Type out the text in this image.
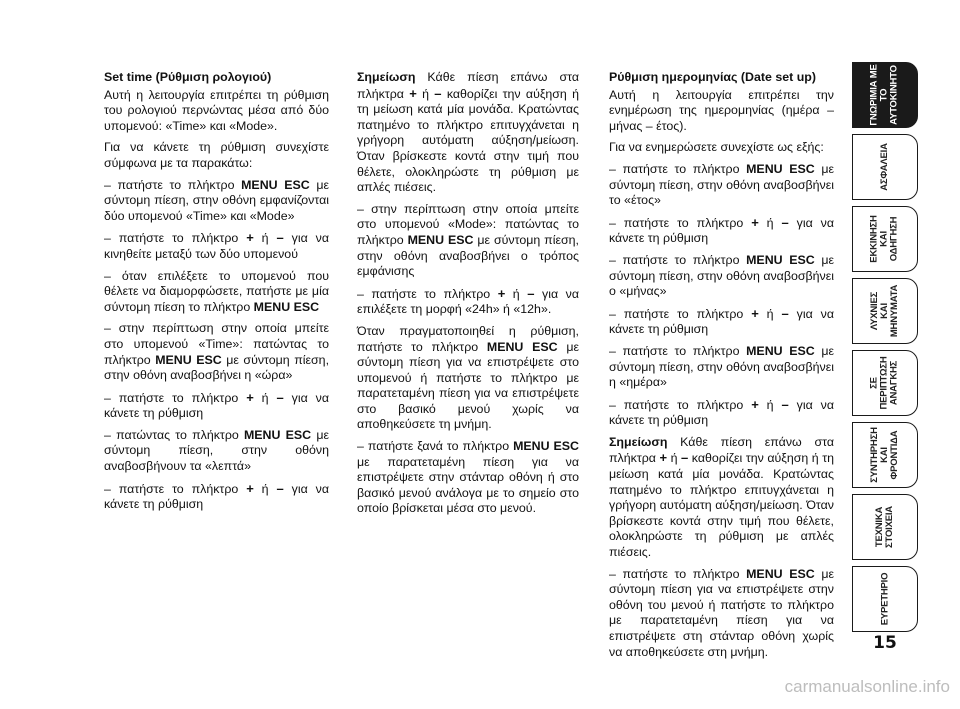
Set time (Ρύθμιση ρολογιού)

Αυτή η λειτουργία επιτρέπει τη ρύθμιση του ρολογιού περνώντας μέσα από δύο υπομενού: «Time» και «Mode».

Για να κάνετε τη ρύθμιση συνεχίστε σύμφωνα με τα παρακάτω:

– πατήστε το πλήκτρο MENU ESC με σύντομη πίεση, στην οθόνη εμφανίζονται δύο υπομενού «Time» και «Mode»

– πατήστε το πλήκτρο + ή – για να κινηθείτε μεταξύ των δύο υπομενού

– όταν επιλέξετε το υπομενού που θέλετε να διαμορφώσετε, πατήστε με μία σύντομη πίεση το πλήκτρο MENU ESC

– στην περίπτωση στην οποία μπείτε στο υπομενού «Time»: πατώντας το πλήκτρο MENU ESC με σύντομη πίεση, στην οθόνη αναβοσβήνει η «ώρα»

– πατήστε το πλήκτρο + ή – για να κάνετε τη ρύθμιση

– πατώντας το πλήκτρο MENU ESC με σύντομη πίεση, στην οθόνη αναβοσβήνουν τα «λεπτά»

– πατήστε το πλήκτρο + ή – για να κάνετε τη ρύθμιση

Σημείωση Κάθε πίεση επάνω στα πλήκτρα + ή – καθορίζει την αύξηση ή τη μείωση κατά μία μονάδα. Κρατώντας πατημένο το πλήκτρο επιτυγχάνεται η γρήγορη αυτόματη αύξηση/μείωση. Όταν βρίσκεστε κοντά στην τιμή που θέλετε, ολοκληρώστε τη ρύθμιση με απλές πιέσεις.

– στην περίπτωση στην οποία μπείτε στο υπομενού «Mode»: πατώντας το πλήκτρο MENU ESC με σύντομη πίεση, στην οθόνη αναβοσβήνει ο τρόπος εμφάνισης

– πατήστε το πλήκτρο + ή – για να επιλέξετε τη μορφή «24h» ή «12h».

Όταν πραγματοποιηθεί η ρύθμιση, πατήστε το πλήκτρο MENU ESC με σύντομη πίεση για να επιστρέψετε στο υπομενού ή πατήστε το πλήκτρο με παρατεταμένη πίεση για να επιστρέψετε στο βασικό μενού χωρίς να αποθηκεύσετε τη μνήμη.

– πατήστε ξανά το πλήκτρο MENU ESC με παρατεταμένη πίεση για να επιστρέψετε στην στάνταρ οθόνη ή στο βασικό μενού ανάλογα με το σημείο στο οποίο βρίσκεται μέσα στο μενού.

Ρύθμιση ημερομηνίας (Date set up)

Αυτή η λειτουργία επιτρέπει την ενημέρωση της ημερομηνίας (ημέρα – μήνας – έτος).

Για να ενημερώσετε συνεχίστε ως εξής:

– πατήστε το πλήκτρο MENU ESC με σύντομη πίεση, στην οθόνη αναβοσβήνει το «έτος»

– πατήστε το πλήκτρο + ή – για να κάνετε τη ρύθμιση

– πατήστε το πλήκτρο MENU ESC με σύντομη πίεση, στην οθόνη αναβοσβήνει ο «μήνας»

– πατήστε το πλήκτρο + ή – για να κάνετε τη ρύθμιση

– πατήστε το πλήκτρο MENU ESC με σύντομη πίεση, στην οθόνη αναβοσβήνει η «ημέρα»

– πατήστε το πλήκτρο + ή – για να κάνετε τη ρύθμιση

Σημείωση Κάθε πίεση επάνω στα πλήκτρα + ή – καθορίζει την αύξηση ή τη μείωση κατά μία μονάδα. Κρατώντας πατημένο το πλήκτρο επιτυγχάνεται η γρήγορη αυτόματη αύξηση/μείωση. Όταν βρίσκεστε κοντά στην τιμή που θέλετε, ολοκληρώστε τη ρύθμιση με απλές πιέσεις.

– πατήστε το πλήκτρο MENU ESC με σύντομη πίεση για να επιστρέψετε στην οθόνη του μενού ή πατήστε το πλήκτρο με παρατεταμένη πίεση για να επιστρέψετε στη στάνταρ οθόνη χωρίς να αποθηκεύσετε στη μνήμη.

ΓΝΩΡΙΜΙΑ ΜΕ
ΤΟ
ΑΥΤΟΚΙΝΗΤΟ
ΑΣΦΑΛΕΙΑ
ΕΚΚΙΝΗΣΗ
ΚΑΙ
ΟΔΗΓΗΣΗ
ΛΥΧΝΙΕΣ
ΚΑΙ
ΜΗΝΥΜΑΤΑ
ΣΕ
ΠΕΡΙΠΤΩΣΗ
ΑΝΑΓΚΗΣ
ΣΥΝΤΗΡΗΣΗ
ΚΑΙ
ΦΡΟΝΤΙΔΑ
ΤΕΧΝΙΚΑ
ΣΤΟΙΧΕΙΑ
ΕΥΡΕΤΗΡΙΟ
15
carmanualsonline.info
